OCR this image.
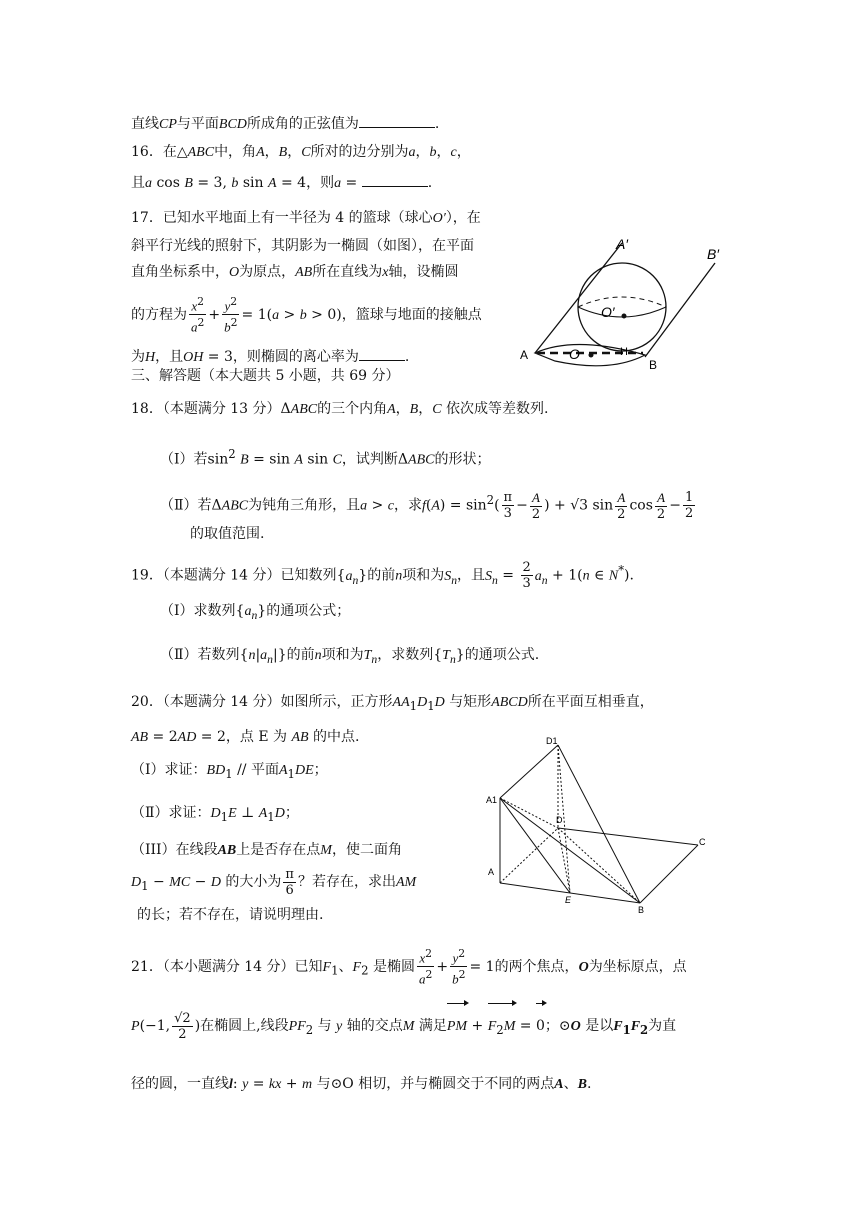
直线CP与平面BCD所成角的正弦值为	.
16．在△ABC中，角A，B，C所对的边分别为a，b，c，
且a cos B = 3, b sin A = 4，则a =	.
17．已知水平地面上有一半径为 4 的篮球（球心O′），在
斜平行光线的照射下，其阴影为一椭圆（如图），在平面
直角坐标系中，O为原点，AB所在直线为x轴，设椭圆
的方程为 $\frac{x^2}{a^2} + \frac{y^2}{b^2} = 1(a > b > 0)$，篮球与地面的接触点
为H，且OH = 3，则椭圆的离心率为	.
A′
B′
O′
A	O	H
B
三、解答题（本大题共 5 小题，共 69 分）
18．（本题满分 13 分）ΔABC的三个内角A，B，C 依次成等差数列.
（Ⅰ）若$\sin^2 B = \sin A$ sin C，试判断ΔABC的形状；
（Ⅱ）若ΔABC为钝角三角形，且a > c，求$f(A) = \sin^2( \frac{\pi}{3} - \frac{A}{2}$ ) + √3 $\sin \frac{A}{2}$ $\cos \frac{A}{2} - \frac{1}{2}$
的取值范围.
19．（本题满分 14 分）已知数列$\{a_n\}$的前n项和为$S_n$，且$S_n = \frac{2}{3} a_n + 1(n$ ∈ N*).
（Ⅰ）求数列$\{a_n\}$的通项公式；
（Ⅱ）若数列$\{n|a_n|\}$的前n项和为$T_n$，求数列$\{T_n\}$的通项公式.
20．（本题满分 14 分）如图所示，正方形$AA_1D_1D$ 与矩形ABCD所在平面互相垂直，
AB = 2AD = 2，点 E 为 AB 的中点.
（Ⅰ）求证：$BD_1$ // 平面$A_1DE$；
（Ⅱ）求证：$D_1E$ ⊥ $A_1D$；
（III）在线段AB上是否存在点M，使二面角
$D_1$ − MC − D 的大小为 $\frac{\pi}{6}$ ？若存在，求出AM
的长；若不存在，请说明理由.
D1
A1
D
C
A
E
B
21．（本小题满分 14 分）已知$F_1$、$F_2$ 是椭圆 $\frac{x^2}{a^2} + \frac{y^2}{b^2} = 1$的两个焦点，O为坐标原点，点
P(−1, $\frac{√2}{2}$ )在椭圆上,线段$PF_2$ 与 y 轴的交点M 满足PM + $F_2M = 0$；⊙O 是以$F_1F_2$为直
径的圆，一直线l: y = kx + m 与⊙O 相切，并与椭圆交于不同的两点A、B.
